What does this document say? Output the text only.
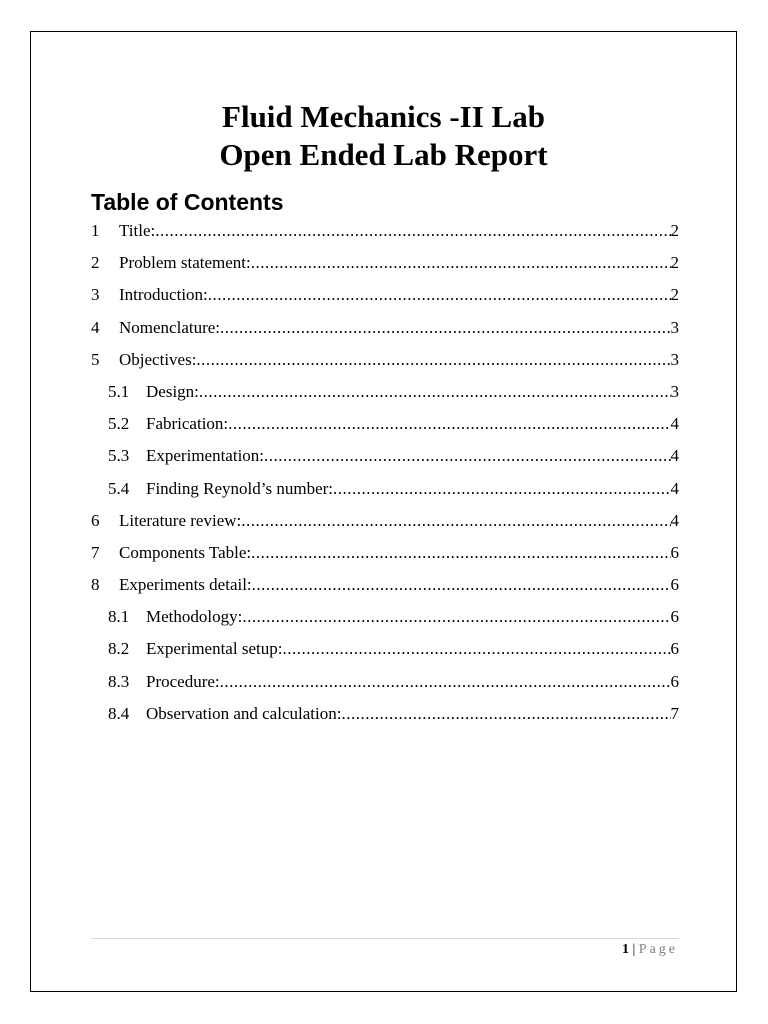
Fluid Mechanics -II Lab
Open Ended Lab Report
Table of Contents
1	Title: .....	2
2	Problem statement: .....	2
3	Introduction: .....	2
4	Nomenclature: .....	3
5	Objectives: .....	3
5.1 Design: .....	3
5.2 Fabrication: .....	4
5.3 Experimentation: .....	4
5.4 Finding Reynold’s number: .....	4
6	Literature review: .....	4
7	Components Table: .....	6
8	Experiments detail: .....	6
8.1 Methodology: .....	6
8.2 Experimental setup: .....	6
8.3 Procedure: .....	6
8.4 Observation and calculation: .....	7
1 | Page
